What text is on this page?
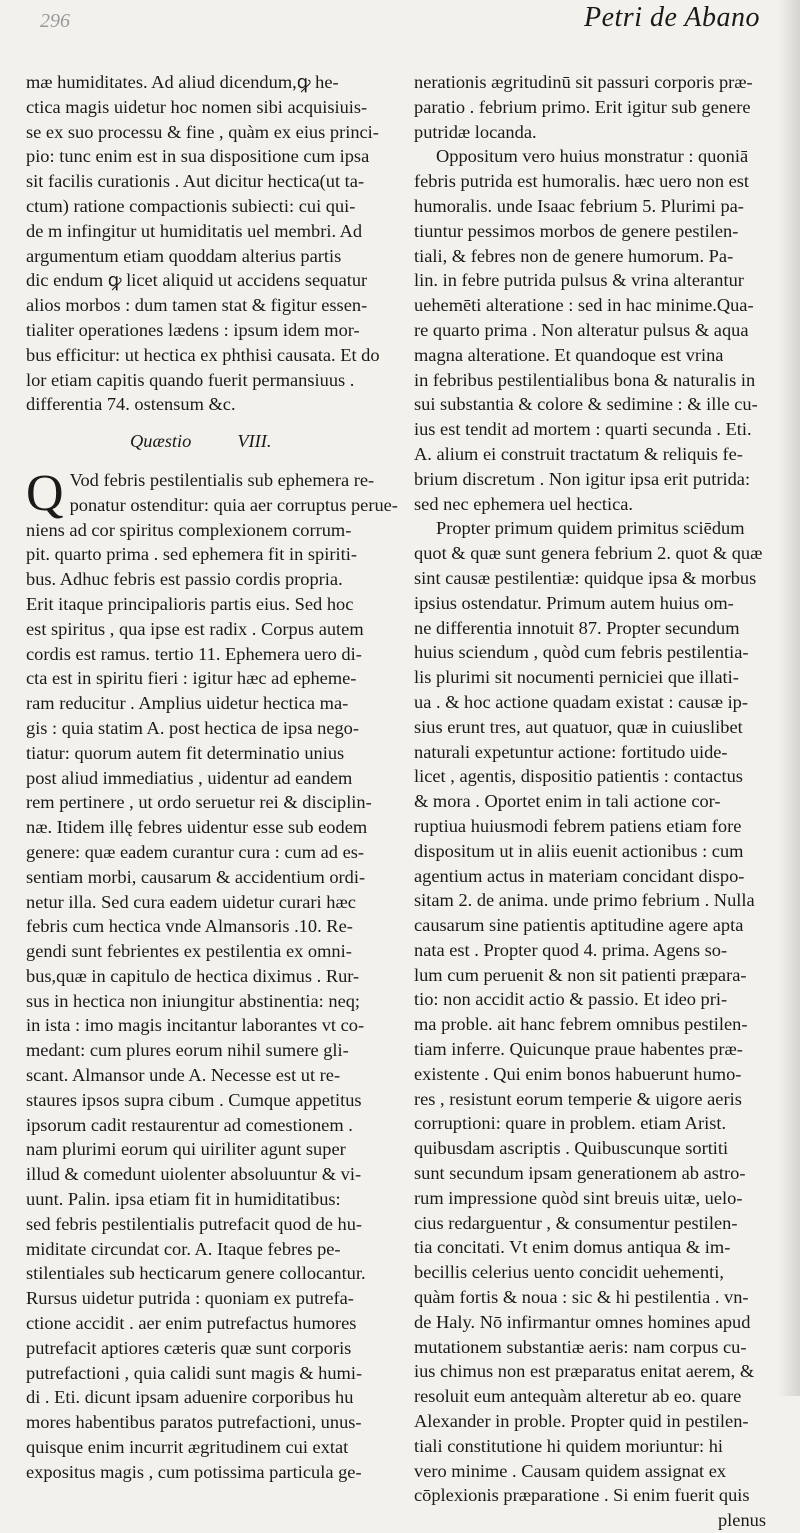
296	Petri de Abano
mæ humiditates. Ad aliud dicendum,ꝙ he-
ctica magis uidetur hoc nomen sibi acquisiuis-
se ex suo processu & fine , quàm ex eius princi-
pio: tunc enim est in sua dispositione cum ipsa
sit facilis curationis . Aut dicitur hectica(ut ta-
ctum) ratione compactionis subiecti: cui qui-
de m infingitur ut humiditatis uel membri. Ad
argumentum etiam quoddam alterius partis
dic endum ꝙ licet aliquid ut accidens sequatur
alios morbos : dum tamen stat & figitur essen-
tialiter operationes lædens : ipsum idem mor-
bus efficitur: ut hectica ex phthisi causata. Et do
lor etiam capitis quando fuerit permansiuus .
differentia 74. ostensum &c.
Quæstio VIII.
Q Vod febris pestilentialis sub ephemera re-
ponatur ostenditur: quia aer corruptus perue-
niens ad cor spiritus complexionem corrum-
pit. quarto prima . sed ephemera fit in spiriti-
bus. Adhuc febris est passio cordis propria.
Erit itaque principalioris partis eius. Sed hoc
est spiritus , qua ipse est radix . Corpus autem
cordis est ramus. tertio 11. Ephemera uero di-
cta est in spiritu fieri : igitur hæc ad epheme-
ram reducitur . Amplius uidetur hectica ma-
gis : quia statim A. post hectica de ipsa nego-
tiatur: quorum autem fit determinatio unius
post aliud immediatius , uidentur ad eandem
rem pertinere , ut ordo seruetur rei & disciplin-
næ. Itidem illę febres uidentur esse sub eodem
genere: quæ eadem curantur cura : cum ad es-
sentiam morbi, causarum & accidentium ordi-
netur illa. Sed cura eadem uidetur curari hæc
febris cum hectica vnde Almansoris .10. Re-
gendi sunt febrientes ex pestilentia ex omni-
bus,quæ in capitulo de hectica diximus . Rur-
sus in hectica non iniungitur abstinentia: neq;
in ista : imo magis incitantur laborantes vt co-
medant: cum plures eorum nihil sumere gli-
scant. Almansor unde A. Necesse est ut re-
staures ipsos supra cibum . Cumque appetitus
ipsorum cadit restaurentur ad comestionem .
nam plurimi eorum qui uiriliter agunt super
illud & comedunt uiolenter absoluuntur & vi-
uunt. Palin. ipsa etiam fit in humiditatibus:
sed febris pestilentialis putrefacit quod de hu-
miditate circundat cor. A. Itaque febres pe-
stilentiales sub hecticarum genere collocantur.
Rursus uidetur putrida : quoniam ex putrefa-
ctione accidit . aer enim putrefactus humores
putrefacit aptiores cæteris quæ sunt corporis
putrefactioni , quia calidi sunt magis & humi-
di . Eti. dicunt ipsam aduenire corporibus hu
mores habentibus paratos putrefactioni, unus-
quisque enim incurrit ægritudinem cui extat
expositus magis , cum potissima particula ge-
nerationis ægritudinū sit passuri corporis præ-
paratio . febrium primo. Erit igitur sub genere
putridæ locanda.
Oppositum vero huius monstratur : quoniā
febris putrida est humoralis. hæc uero non est
humoralis. unde Isaac febrium 5. Plurimi pa-
tiuntur pessimos morbos de genere pestilen-
tiali, & febres non de genere humorum. Pa-
lin. in febre putrida pulsus & vrina alterantur
uehemēti alteratione : sed in hac minime.Qua-
re quarto prima . Non alteratur pulsus & aqua
magna alteratione. Et quandoque est vrina
in febribus pestilentialibus bona & naturalis in
sui substantia & colore & sedimine : & ille cu-
ius est tendit ad mortem : quarti secunda . Eti.
A. alium ei construit tractatum & reliquis fe-
brium discretum . Non igitur ipsa erit putrida:
sed nec ephemera uel hectica.
Propter primum quidem primitus sciēdum
quot & quæ sunt genera febrium 2. quot & quæ
sint causæ pestilentiæ: quidque ipsa & morbus
ipsius ostendatur. Primum autem huius om-
ne differentia innotuit 87. Propter secundum
huius sciendum , quòd cum febris pestilentia-
lis plurimi sit nocumenti perniciei que illati-
ua . & hoc actione quadam existat : causæ ip-
sius erunt tres, aut quatuor, quæ in cuiuslibet
naturali expetuntur actione: fortitudo uide-
licet , agentis, dispositio patientis : contactus
& mora . Oportet enim in tali actione cor-
ruptiua huiusmodi febrem patiens etiam fore
dispositum ut in aliis euenit actionibus : cum
agentium actus in materiam concidant dispo-
sitam 2. de anima. unde primo febrium . Nulla
causarum sine patientis aptitudine agere apta
nata est . Propter quod 4. prima. Agens so-
lum cum peruenit & non sit patienti præpara-
tio: non accidit actio & passio. Et ideo pri-
ma proble. ait hanc febrem omnibus pestilen-
tiam inferre. Quicunque praue habentes præ-
existente . Qui enim bonos habuerunt humo-
res , resistunt eorum temperie & uigore aeris
corruptioni: quare in problem. etiam Arist.
quibusdam ascriptis . Quibuscunque sortiti
sunt secundum ipsam generationem ab astro-
rum impressione quòd sint breuis uitæ, uelo-
cius redarguentur , & consumentur pestilen-
tia concitati. Vt enim domus antiqua & im-
becillis celerius uento concidit uehementi,
quàm fortis & noua : sic & hi pestilentia . vn-
de Haly. Nō infirmantur omnes homines apud
mutationem substantiæ aeris: nam corpus cu-
ius chimus non est præparatus enitat aerem, &
resoluit eum antequàm alteretur ab eo. quare
Alexander in proble. Propter quid in pestilen-
tiali constitutione hi quidem moriuntur: hi
vero minime . Causam quidem assignat ex
cōplexionis præparatione . Si enim fuerit quis
plenus
